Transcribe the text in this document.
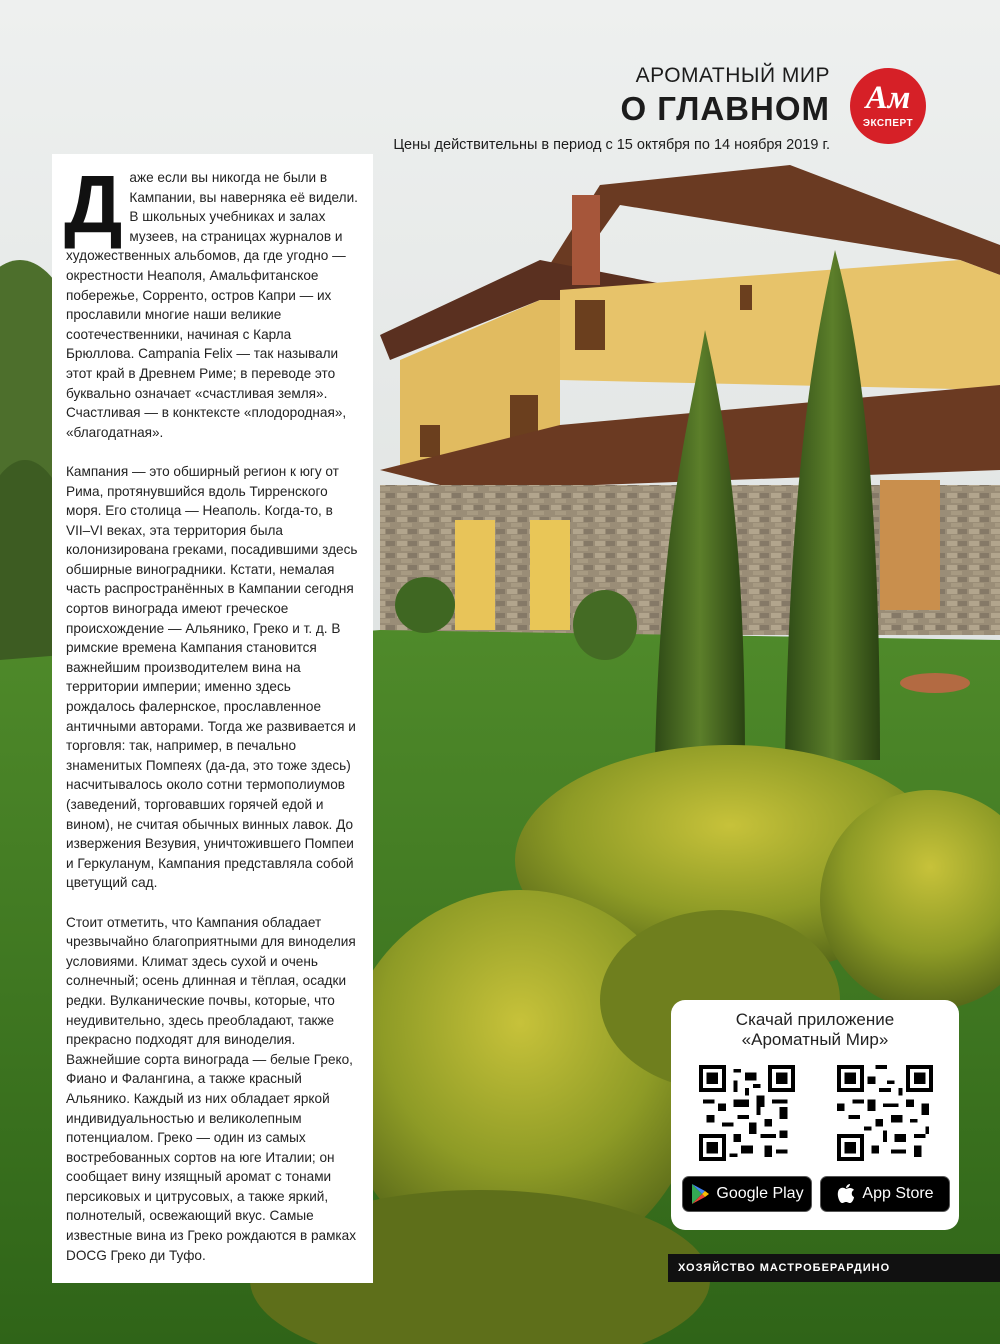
АРОМАТНЫЙ МИР
О ГЛАВНОМ
Цены действительны в период с 15 октября по 14 ноября 2019 г.
Ам
ЭКСПЕРТ

Даже если вы никогда не были в Кампании, вы наверняка её видели. В школьных учебниках и залах музеев, на страницах журналов и художественных альбомов, да где угодно — окрестности Неаполя, Амальфитанское побережье, Сорренто, остров Капри — их прославили многие наши великие соотечественники, начиная с Карла Брюллова. Campania Felix — так называли этот край в Древнем Риме; в переводе это буквально означает «счастливая земля». Счастливая — в конктексте «плодородная», «благодатная».

Кампания — это обширный регион к югу от Рима, протянувшийся вдоль Тирренского моря. Его столица — Неаполь. Когда-то, в VII–VI веках, эта территория была колонизирована греками, посадившими здесь обширные виноградники. Кстати, немалая часть распространённых в Кампании сегодня сортов винограда имеют греческое происхождение — Альянико, Греко и т. д. В римские времена Кампания становится важнейшим производителем вина на территории империи; именно здесь рождалось фалернское, прославленное античными авторами. Тогда же развивается и торговля: так, например, в печально знаменитых Помпеях (да-да, это тоже здесь) насчитывалось около сотни термополиумов (заведений, торговавших горячей едой и вином), не считая обычных винных лавок. До извержения Везувия, уничтожившего Помпеи и Геркуланум, Кампания представляла собой цветущий сад.

Стоит отметить, что Кампания обладает чрезвычайно благоприятными для виноделия условиями. Климат здесь сухой и очень солнечный; осень длинная и тёплая, осадки редки. Вулканические почвы, которые, что неудивительно, здесь преобладают, также прекрасно подходят для виноделия. Важнейшие сорта винограда — белые Греко, Фиано и Фалангина, а также красный Альянико. Каждый из них обладает яркой индивидуальностью и великолепным потенциалом. Греко — один из самых востребованных сортов на юге Италии; он сообщает вину изящный аромат с тонами персиковых и цитрусовых, а также яркий, полнотелый, освежающий вкус. Самые известные вина из Греко рождаются в рамках DOCG Греко ди Туфо.

Скачай приложение
«Ароматный Мир»
Google Play	App Store
ХОЗЯЙСТВО МАСТРОБЕРАРДИНО
